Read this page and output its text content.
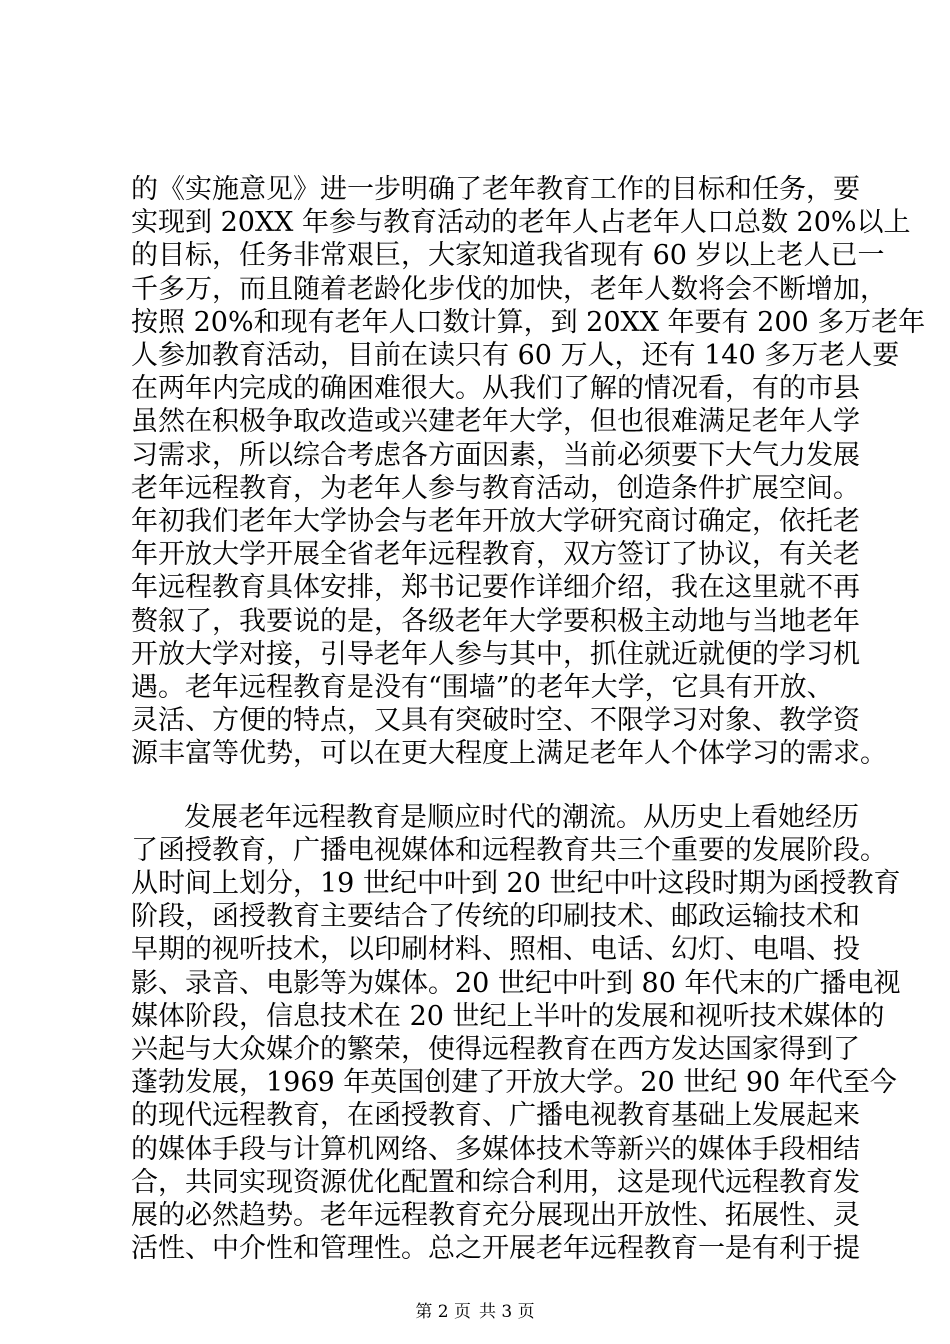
的《实施意见》进一步明确了老年教育工作的目标和任务，要
实现到 20XX 年参与教育活动的老年人占老年人口总数 20%以上
的目标，任务非常艰巨，大家知道我省现有 60 岁以上老人已一
千多万，而且随着老龄化步伐的加快，老年人数将会不断增加，
按照 20%和现有老年人口数计算，到 20XX 年要有 200 多万老年
人参加教育活动，目前在读只有 60 万人，还有 140 多万老人要
在两年内完成的确困难很大。从我们了解的情况看，有的市县
虽然在积极争取改造或兴建老年大学，但也很难满足老年人学
习需求，所以综合考虑各方面因素，当前必须要下大气力发展
老年远程教育，为老年人参与教育活动，创造条件扩展空间。
年初我们老年大学协会与老年开放大学研究商讨确定，依托老
年开放大学开展全省老年远程教育，双方签订了协议，有关老
年远程教育具体安排，郑书记要作详细介绍，我在这里就不再
赘叙了，我要说的是，各级老年大学要积极主动地与当地老年
开放大学对接，引导老年人参与其中，抓住就近就便的学习机
遇。老年远程教育是没有“围墙”的老年大学，它具有开放、
灵活、方便的特点，又具有突破时空、不限学习对象、教学资
源丰富等优势，可以在更大程度上满足老年人个体学习的需求。
发展老年远程教育是顺应时代的潮流。从历史上看她经历
了函授教育，广播电视媒体和远程教育共三个重要的发展阶段。
从时间上划分，19 世纪中叶到 20 世纪中叶这段时期为函授教育
阶段，函授教育主要结合了传统的印刷技术、邮政运输技术和
早期的视听技术，以印刷材料、照相、电话、幻灯、电唱、投
影、录音、电影等为媒体。20 世纪中叶到 80 年代末的广播电视
媒体阶段，信息技术在 20 世纪上半叶的发展和视听技术媒体的
兴起与大众媒介的繁荣，使得远程教育在西方发达国家得到了
蓬勃发展，1969 年英国创建了开放大学。20 世纪 90 年代至今
的现代远程教育，在函授教育、广播电视教育基础上发展起来
的媒体手段与计算机网络、多媒体技术等新兴的媒体手段相结
合，共同实现资源优化配置和综合利用，这是现代远程教育发
展的必然趋势。老年远程教育充分展现出开放性、拓展性、灵
活性、中介性和管理性。总之开展老年远程教育一是有利于提
第 2 页 共 3 页
